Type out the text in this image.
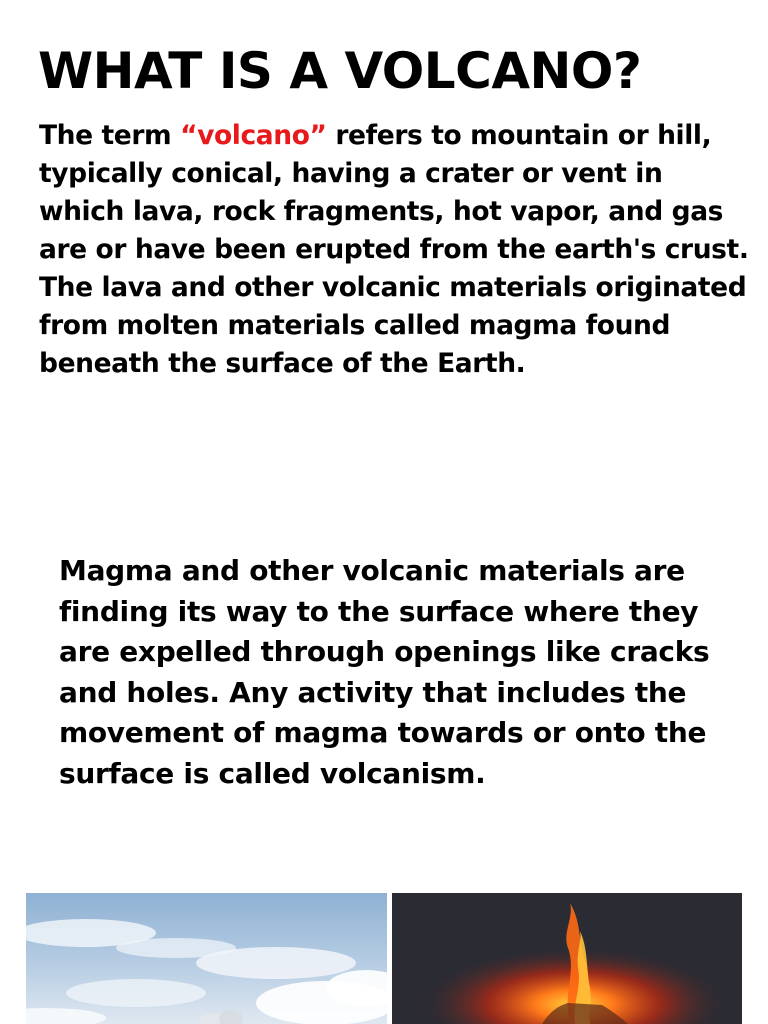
WHAT IS A VOLCANO?

The term “volcano” refers to mountain or hill, typically conical, having a crater or vent in which lava, rock fragments, hot vapor, and gas are or have been erupted from the earth's crust. The lava and other volcanic materials originated from molten materials called magma found beneath the surface of the Earth.

Magma and other volcanic materials are finding its way to the surface where they are expelled through openings like cracks and holes. Any activity that includes the movement of magma towards or onto the surface is called volcanism.
